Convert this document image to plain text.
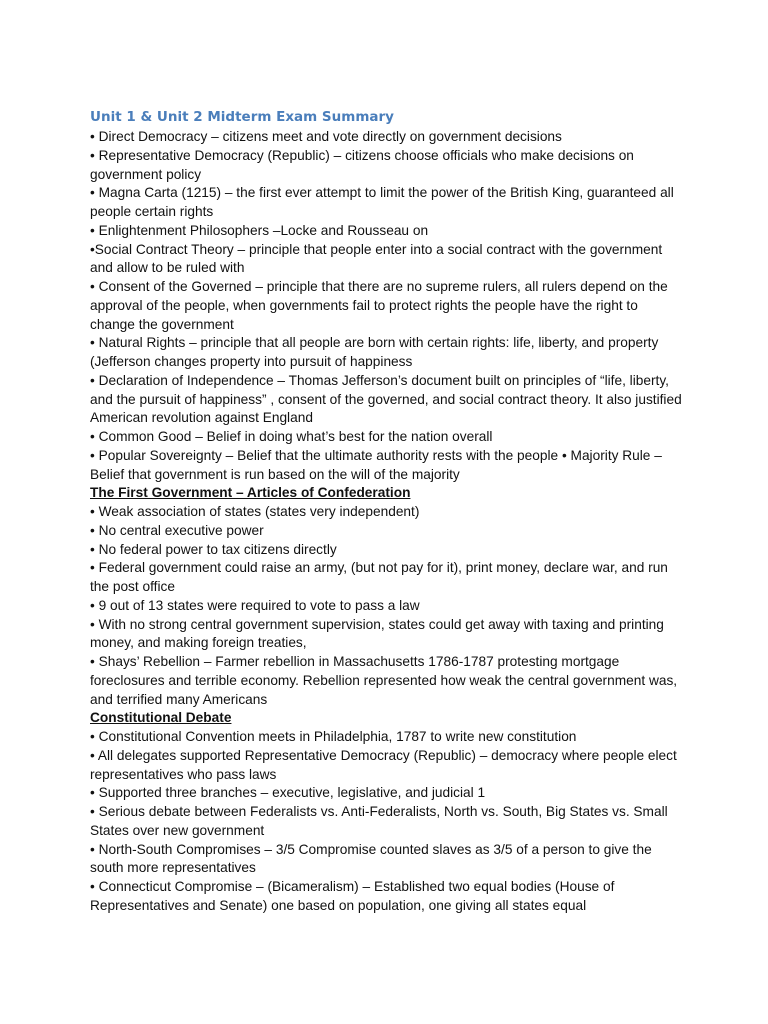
Unit 1 & Unit 2 Midterm Exam Summary
• Direct Democracy – citizens meet and vote directly on government decisions
• Representative Democracy (Republic) – citizens choose officials who make decisions on government policy
• Magna Carta (1215) – the first ever attempt to limit the power of the British King, guaranteed all people certain rights
• Enlightenment Philosophers –Locke and Rousseau on
•Social Contract Theory – principle that people enter into a social contract with the government and allow to be ruled with
• Consent of the Governed – principle that there are no supreme rulers, all rulers depend on the approval of the people, when governments fail to protect rights the people have the right to change the government
• Natural Rights – principle that all people are born with certain rights: life, liberty, and property (Jefferson changes property into pursuit of happiness
• Declaration of Independence – Thomas Jefferson’s document built on principles of “life, liberty, and the pursuit of happiness” , consent of the governed, and social contract theory. It also justified American revolution against England
• Common Good – Belief in doing what’s best for the nation overall
• Popular Sovereignty – Belief that the ultimate authority rests with the people • Majority Rule – Belief that government is run based on the will of the majority
The First Government – Articles of Confederation
• Weak association of states (states very independent)
• No central executive power
• No federal power to tax citizens directly
• Federal government could raise an army, (but not pay for it), print money, declare war, and run the post office
• 9 out of 13 states were required to vote to pass a law
• With no strong central government supervision, states could get away with taxing and printing money, and making foreign treaties,
• Shays’ Rebellion – Farmer rebellion in Massachusetts 1786-1787 protesting mortgage foreclosures and terrible economy. Rebellion represented how weak the central government was, and terrified many Americans
Constitutional Debate
• Constitutional Convention meets in Philadelphia, 1787 to write new constitution
• All delegates supported Representative Democracy (Republic) – democracy where people elect representatives who pass laws
• Supported three branches – executive, legislative, and judicial 1
• Serious debate between Federalists vs. Anti-Federalists, North vs. South, Big States vs. Small States over new government
• North-South Compromises – 3/5 Compromise counted slaves as 3/5 of a person to give the south more representatives
• Connecticut Compromise – (Bicameralism) – Established two equal bodies (House of Representatives and Senate) one based on population, one giving all states equal
